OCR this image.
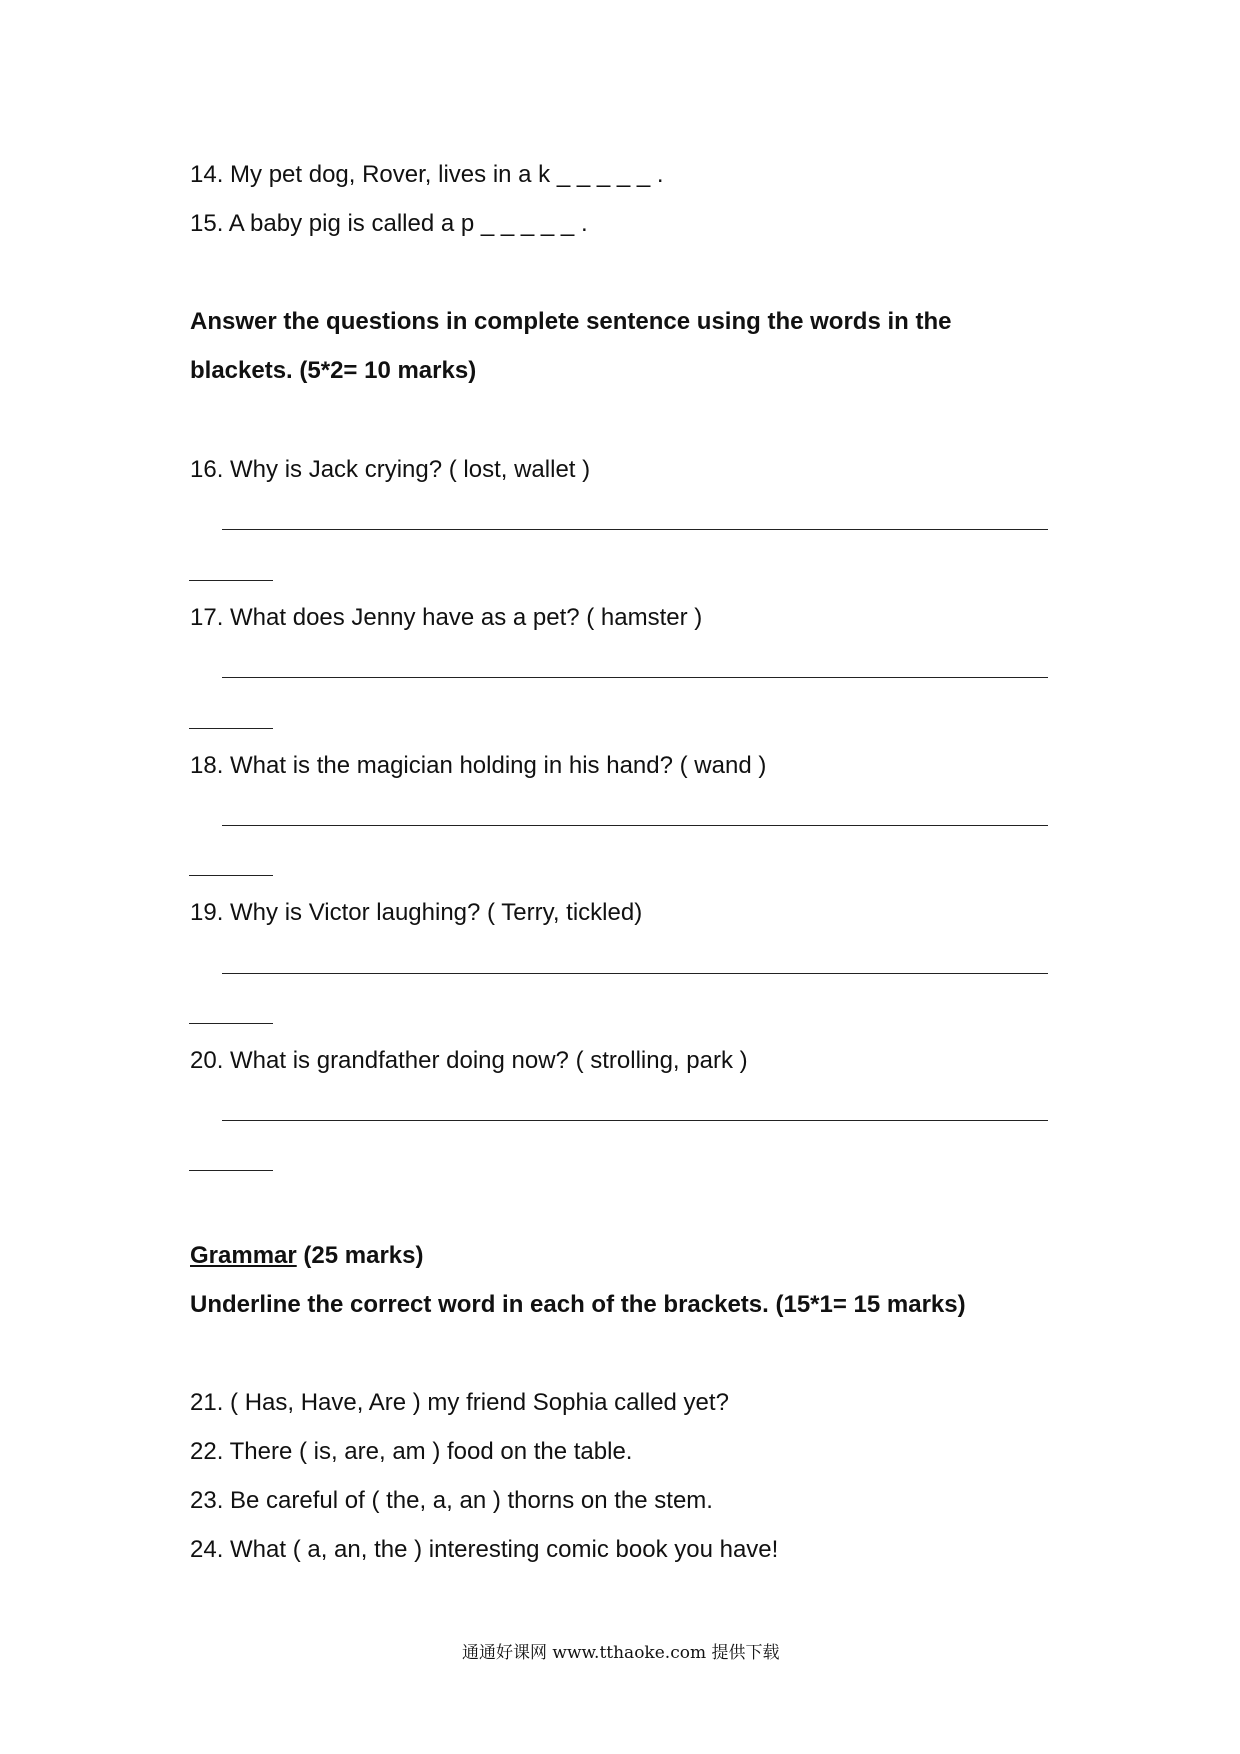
14. My pet dog, Rover, lives in a k _ _ _ _ _ .
15. A baby pig is called a p _ _ _ _ _ .
Answer the questions in complete sentence using the words in the
blackets. (5*2= 10 marks)
16. Why is Jack crying? ( lost, wallet )
17. What does Jenny have as a pet? ( hamster )
18. What is the magician holding in his hand? ( wand )
19. Why is Victor laughing? ( Terry, tickled)
20. What is grandfather doing now? ( strolling, park )
Grammar (25 marks)
Underline the correct word in each of the brackets. (15*1= 15 marks)
21. ( Has, Have, Are ) my friend Sophia called yet?
22. There ( is, are, am ) food on the table.
23. Be careful of ( the, a, an ) thorns on the stem.
24. What ( a, an, the ) interesting comic book you have!
通通好课网 www.tthaoke.com 提供下载
